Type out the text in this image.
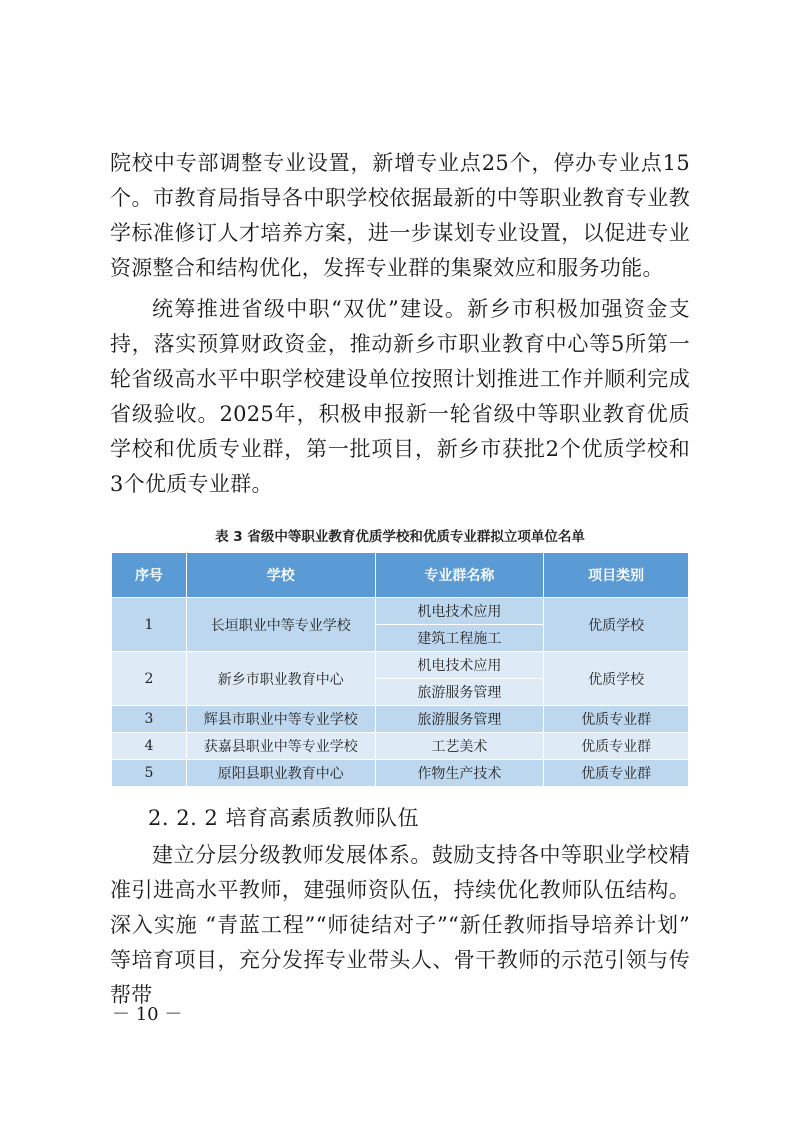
院校中专部调整专业设置，新增专业点25个，停办专业点15个。市教育局指导各中职学校依据最新的中等职业教育专业教学标准修订人才培养方案，进一步谋划专业设置，以促进专业资源整合和结构优化，发挥专业群的集聚效应和服务功能。

统筹推进省级中职“双优”建设。新乡市积极加强资金支持，落实预算财政资金，推动新乡市职业教育中心等5所第一轮省级高水平中职学校建设单位按照计划推进工作并顺利完成省级验收。2025年，积极申报新一轮省级中等职业教育优质学校和优质专业群，第一批项目，新乡市获批2个优质学校和3个优质专业群。

表 3 省级中等职业教育优质学校和优质专业群拟立项单位名单
序号	学校	专业群名称	项目类别
1	长垣职业中等专业学校	机电技术应用	优质学校
		建筑工程施工	
2	新乡市职业教育中心	机电技术应用	优质学校
		旅游服务管理	
3	辉县市职业中等专业学校	旅游服务管理	优质专业群
4	获嘉县职业中等专业学校	工艺美术	优质专业群
5	原阳县职业教育中心	作物生产技术	优质专业群
2. 2. 2 培育高素质教师队伍

建立分层分级教师发展体系。鼓励支持各中等职业学校精准引进高水平教师，建强师资队伍，持续优化教师队伍结构。深入实施 “青蓝工程”“师徒结对子”“新任教师指导培养计划” 等培育项目，充分发挥专业带头人、骨干教师的示范引领与传帮带

－ 10 －
